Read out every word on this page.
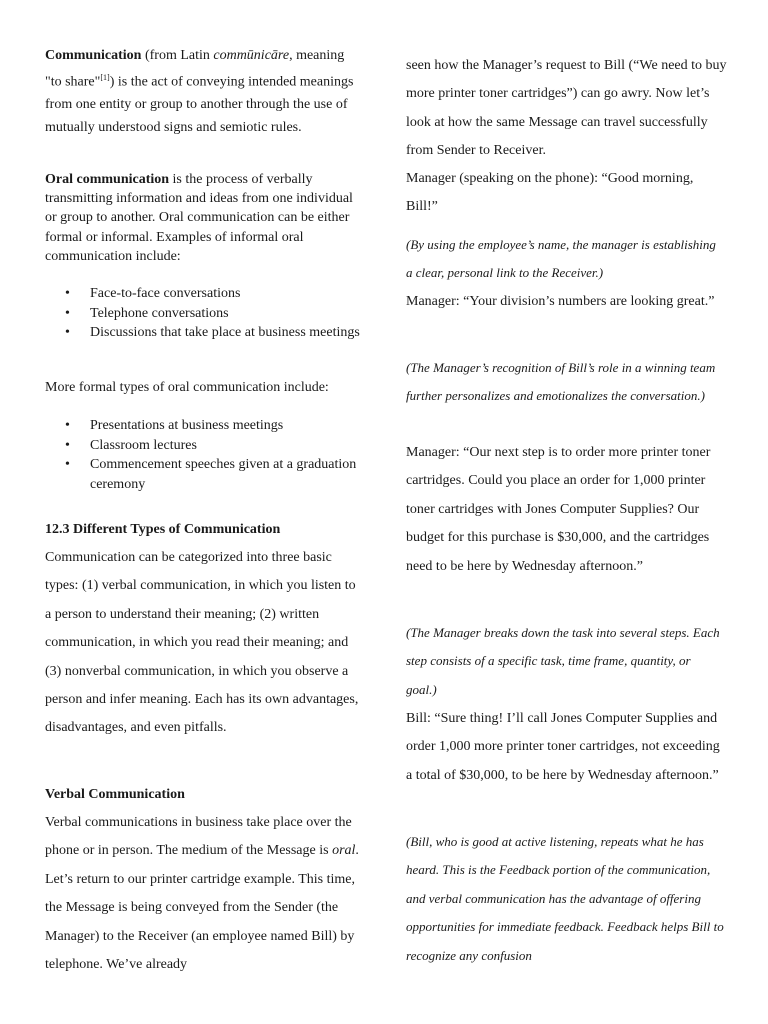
Communication (from Latin commūnicāre, meaning "to share"[1]) is the act of conveying intended meanings from one entity or group to another through the use of mutually understood signs and semiotic rules.

Oral communication is the process of verbally transmitting information and ideas from one individual or group to another. Oral communication can be either formal or informal. Examples of informal oral communication include:

• Face-to-face conversations
• Telephone conversations
• Discussions that take place at business meetings

More formal types of oral communication include:

• Presentations at business meetings
• Classroom lectures
• Commencement speeches given at a graduation ceremony

12.3 Different Types of Communication

Communication can be categorized into three basic types: (1) verbal communication, in which you listen to a person to understand their meaning; (2) written communication, in which you read their meaning; and (3) nonverbal communication, in which you observe a person and infer meaning. Each has its own advantages, disadvantages, and even pitfalls.

Verbal Communication

Verbal communications in business take place over the phone or in person. The medium of the Message is oral. Let’s return to our printer cartridge example. This time, the Message is being conveyed from the Sender (the Manager) to the Receiver (an employee named Bill) by telephone. We’ve already

seen how the Manager’s request to Bill (“We need to buy more printer toner cartridges”) can go awry. Now let’s look at how the same Message can travel successfully from Sender to Receiver.

Manager (speaking on the phone): “Good morning, Bill!”

(By using the employee’s name, the manager is establishing a clear, personal link to the Receiver.)

Manager: “Your division’s numbers are looking great.”

(The Manager’s recognition of Bill’s role in a winning team further personalizes and emotionalizes the conversation.)

Manager: “Our next step is to order more printer toner cartridges. Could you place an order for 1,000 printer toner cartridges with Jones Computer Supplies? Our budget for this purchase is $30,000, and the cartridges need to be here by Wednesday afternoon.”

(The Manager breaks down the task into several steps. Each step consists of a specific task, time frame, quantity, or goal.)

Bill: “Sure thing! I’ll call Jones Computer Supplies and order 1,000 more printer toner cartridges, not exceeding a total of $30,000, to be here by Wednesday afternoon.”

(Bill, who is good at active listening, repeats what he has heard. This is the Feedback portion of the communication, and verbal communication has the advantage of offering opportunities for immediate feedback. Feedback helps Bill to recognize any confusion
